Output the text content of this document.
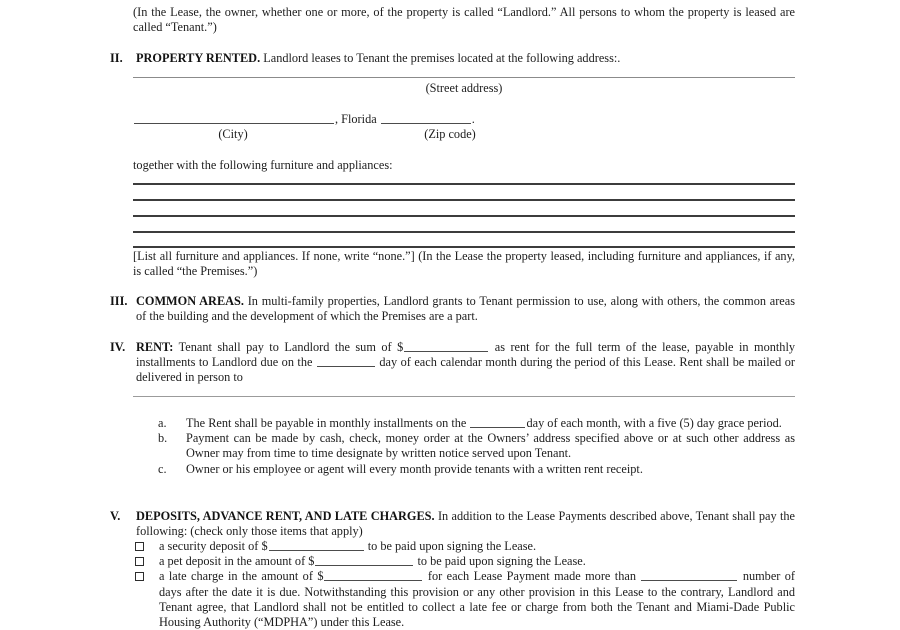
(In the Lease, the owner, whether one or more, of the property is called “Landlord.” All persons to whom the property is leased are called “Tenant.”)
II.	PROPERTY RENTED. Landlord leases to Tenant the premises located at the following address:.
(Street address)
, Florida	.
(City)	(Zip code)
together with the following furniture and appliances:
[List all furniture and appliances. If none, write “none.”] (In the Lease the property leased, including furniture and appliances, if any, is called “the Premises.”)
III. COMMON AREAS. In multi-family properties, Landlord grants to Tenant permission to use, along with others, the common areas of the building and the development of which the Premises are a part.
IV. RENT: Tenant shall pay to Landlord the sum of $	as rent for the full term of the lease, payable in monthly installments to Landlord due on the	day of each calendar month during the period of this Lease. Rent shall be mailed or delivered in person to
a.	The Rent shall be payable in monthly installments on the	day of each month, with a five (5) day grace period.
b.	Payment can be made by cash, check, money order at the Owners’ address specified above or at such other address as Owner may from time to time designate by written notice served upon Tenant.
c.	Owner or his employee or agent will every month provide tenants with a written rent receipt.
V.	DEPOSITS, ADVANCE RENT, AND LATE CHARGES. In addition to the Lease Payments described above, Tenant shall pay the following: (check only those items that apply)
a security deposit of $	to be paid upon signing the Lease.
a pet deposit in the amount of $	to be paid upon signing the Lease.
a late charge in the amount of $	for each Lease Payment made more than	number of days after the date it is due. Notwithstanding this provision or any other provision in this Lease to the contrary, Landlord and Tenant agree, that Landlord shall not be entitled to collect a late fee or charge from both the Tenant and Miami-Dade Public Housing Authority (“MDPHA”) under this Lease.
